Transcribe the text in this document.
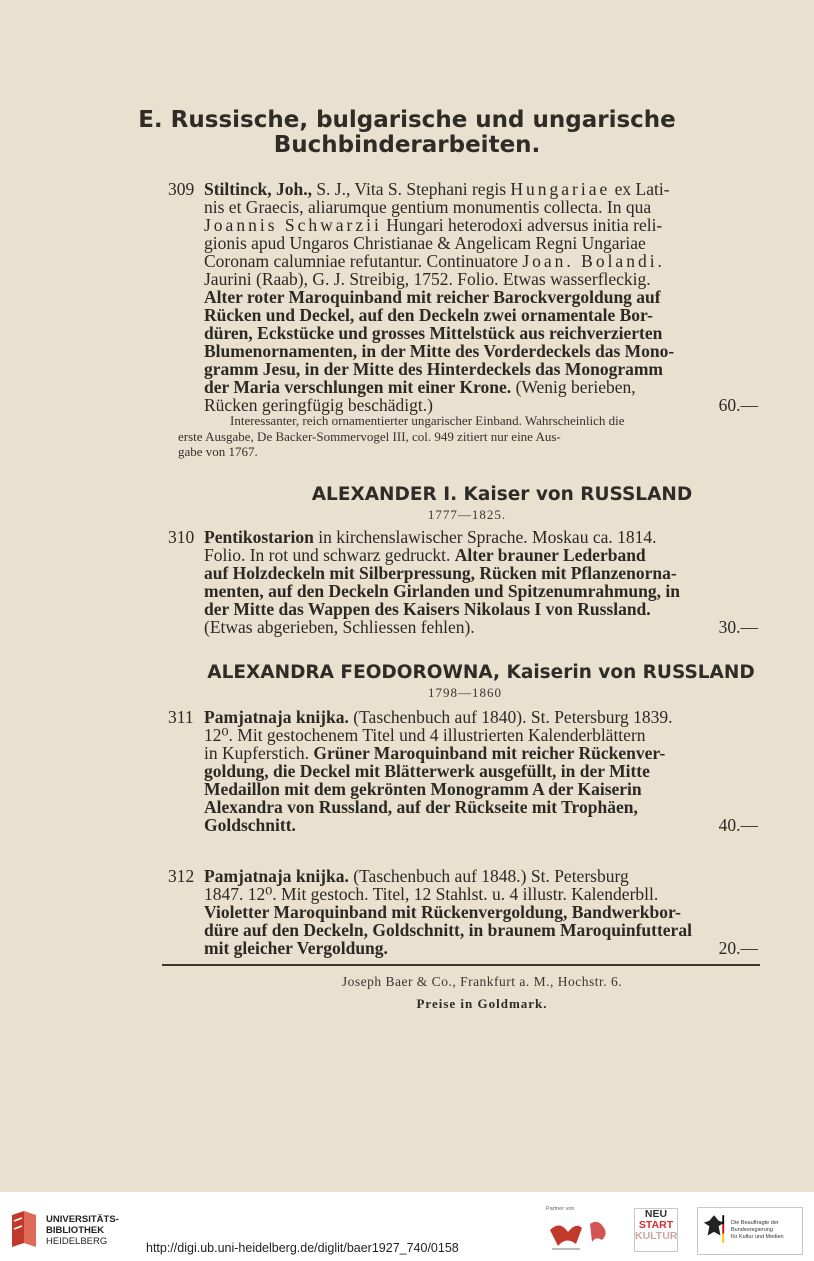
E. Russische, bulgarische und ungarische
Buchbinderarbeiten.
309 Stiltinck, Joh., S. J., Vita S. Stephani regis Hungariae ex Lati-

nis et Graecis, aliarumque gentium monumentis collecta. In qua

Joannis Schwarzii Hungari heterodoxi adversus initia reli-

gionis apud Ungaros Christianae & Angelicam Regni Ungariae

Coronam calumniae refutantur. Continuatore Joan. Bolandi.

Jaurini (Raab), G. J. Streibig, 1752. Folio. Etwas wasserfleckig.

Alter roter Maroquinband mit reicher Barockvergoldung auf

Rücken und Deckel, auf den Deckeln zwei ornamentale Bor-

düren, Eckstücke und grosses Mittelstück aus reichverzierten

Blumenornamenten, in der Mitte des Vorderdeckels das Mono-

gramm Jesu, in der Mitte des Hinterdeckels das Monogramm

der Maria verschlungen mit einer Krone. (Wenig berieben,

Rücken geringfügig beschädigt.)	60.—

Interessanter, reich ornamentierter ungarischer Einband. Wahrscheinlich die
erste Ausgabe, De Backer-Sommervogel III, col. 949 zitiert nur eine Aus-
gabe von 1767.
ALEXANDER I. Kaiser von RUSSLAND
1777—1825.
310 Pentikostarion in kirchenslawischer Sprache. Moskau ca. 1814.

Folio. In rot und schwarz gedruckt. Alter brauner Lederband

auf Holzdeckeln mit Silberpressung, Rücken mit Pflanzenorna-

menten, auf den Deckeln Girlanden und Spitzenumrahmung, in

der Mitte das Wappen des Kaisers Nikolaus I von Russland.

(Etwas abgerieben, Schliessen fehlen).	30.—

ALEXANDRA FEODOROWNA, Kaiserin von RUSSLAND
1798—1860
311 Pamjatnaja knijka. (Taschenbuch auf 1840). St. Petersburg 1839.

12⁰. Mit gestochenem Titel und 4 illustrierten Kalenderblättern

in Kupferstich. Grüner Maroquinband mit reicher Rückenver-

goldung, die Deckel mit Blätterwerk ausgefüllt, in der Mitte

Medaillon mit dem gekrönten Monogramm A der Kaiserin

Alexandra von Russland, auf der Rückseite mit Trophäen,

Goldschnitt.	40.—

312 Pamjatnaja knijka. (Taschenbuch auf 1848.) St. Petersburg

1847. 12⁰. Mit gestoch. Titel, 12 Stahlst. u. 4 illustr. Kalenderbll.

Violetter Maroquinband mit Rückenvergoldung, Bandwerkbor-

düre auf den Deckeln, Goldschnitt, in braunem Maroquinfutteral

mit gleicher Vergoldung.	20.—

Joseph Baer & Co., Frankfurt a. M., Hochstr. 6.
Preise in Goldmark.
UNIVERSITÄTS-
BIBLIOTHEK
HEIDELBERG	http://digi.ub.uni-heidelberg.de/diglit/baer1927_740/0158
Partner von	NEU
START
KULTUR
Die Beauftragte der Bundesregierung
für Kultur und Medien
